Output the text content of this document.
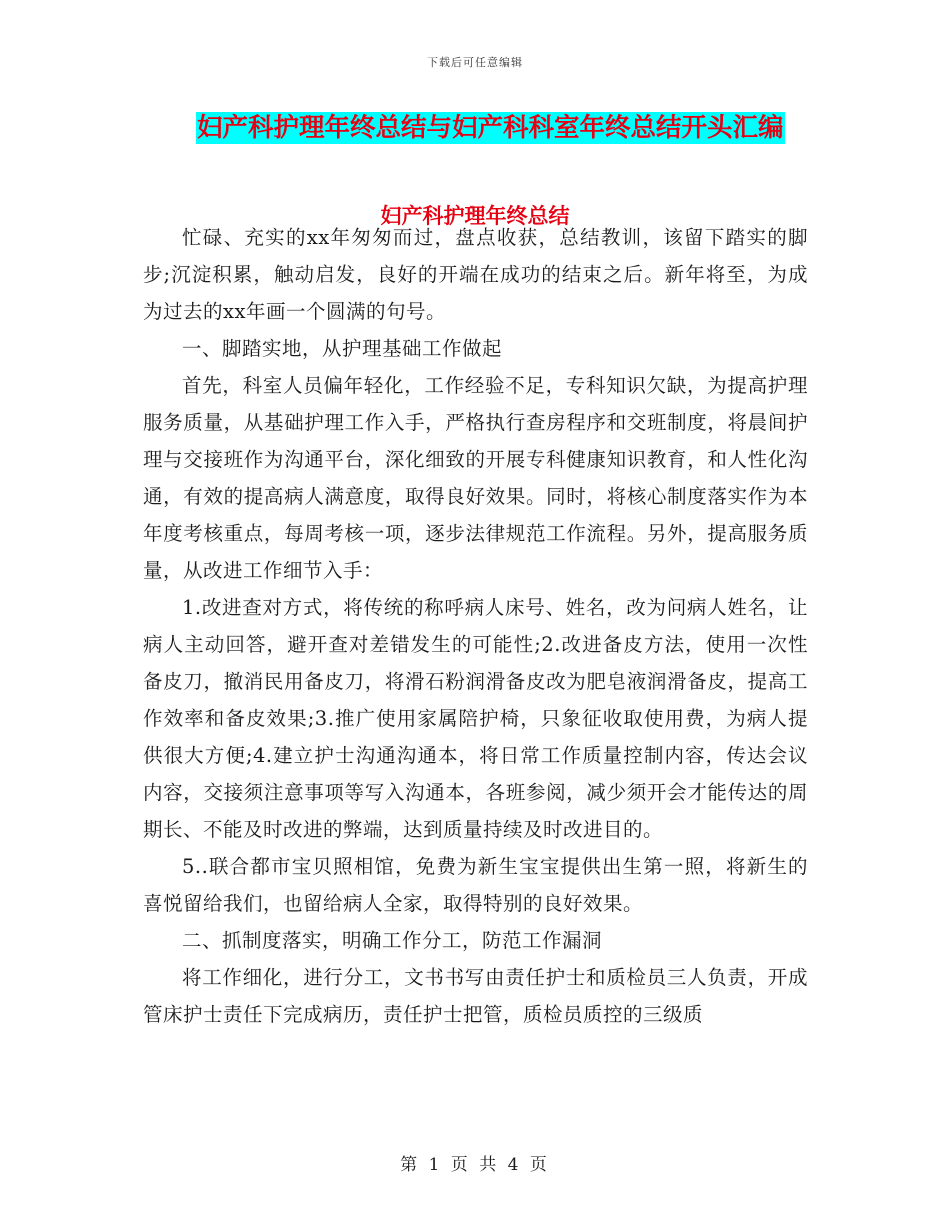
下载后可任意编辑
妇产科护理年终总结与妇产科科室年终总结开头汇编
妇产科护理年终总结

忙碌、充实的xx年匆匆而过，盘点收获，总结教训，该留下踏实的脚步;沉淀积累，触动启发，良好的开端在成功的结束之后。新年将至，为成为过去的xx年画一个圆满的句号。

一、脚踏实地，从护理基础工作做起

首先，科室人员偏年轻化，工作经验不足，专科知识欠缺，为提高护理服务质量，从基础护理工作入手，严格执行查房程序和交班制度，将晨间护理与交接班作为沟通平台，深化细致的开展专科健康知识教育，和人性化沟通，有效的提高病人满意度，取得良好效果。同时，将核心制度落实作为本年度考核重点，每周考核一项，逐步法律规范工作流程。另外，提高服务质量，从改进工作细节入手：

1.改进查对方式，将传统的称呼病人床号、姓名，改为问病人姓名，让病人主动回答，避开查对差错发生的可能性;2.改进备皮方法，使用一次性备皮刀，撤消民用备皮刀，将滑石粉润滑备皮改为肥皂液润滑备皮，提高工作效率和备皮效果;3.推广使用家属陪护椅，只象征收取使用费，为病人提供很大方便;4.建立护士沟通沟通本，将日常工作质量控制内容，传达会议内容，交接须注意事项等写入沟通本，各班参阅，减少须开会才能传达的周期长、不能及时改进的弊端，达到质量持续及时改进目的。

5..联合都市宝贝照相馆，免费为新生宝宝提供出生第一照，将新生的喜悦留给我们，也留给病人全家，取得特别的良好效果。

二、抓制度落实，明确工作分工，防范工作漏洞

将工作细化，进行分工，文书书写由责任护士和质检员三人负责，开成管床护士责任下完成病历，责任护士把管，质检员质控的三级质

第 1 页 共 4 页
